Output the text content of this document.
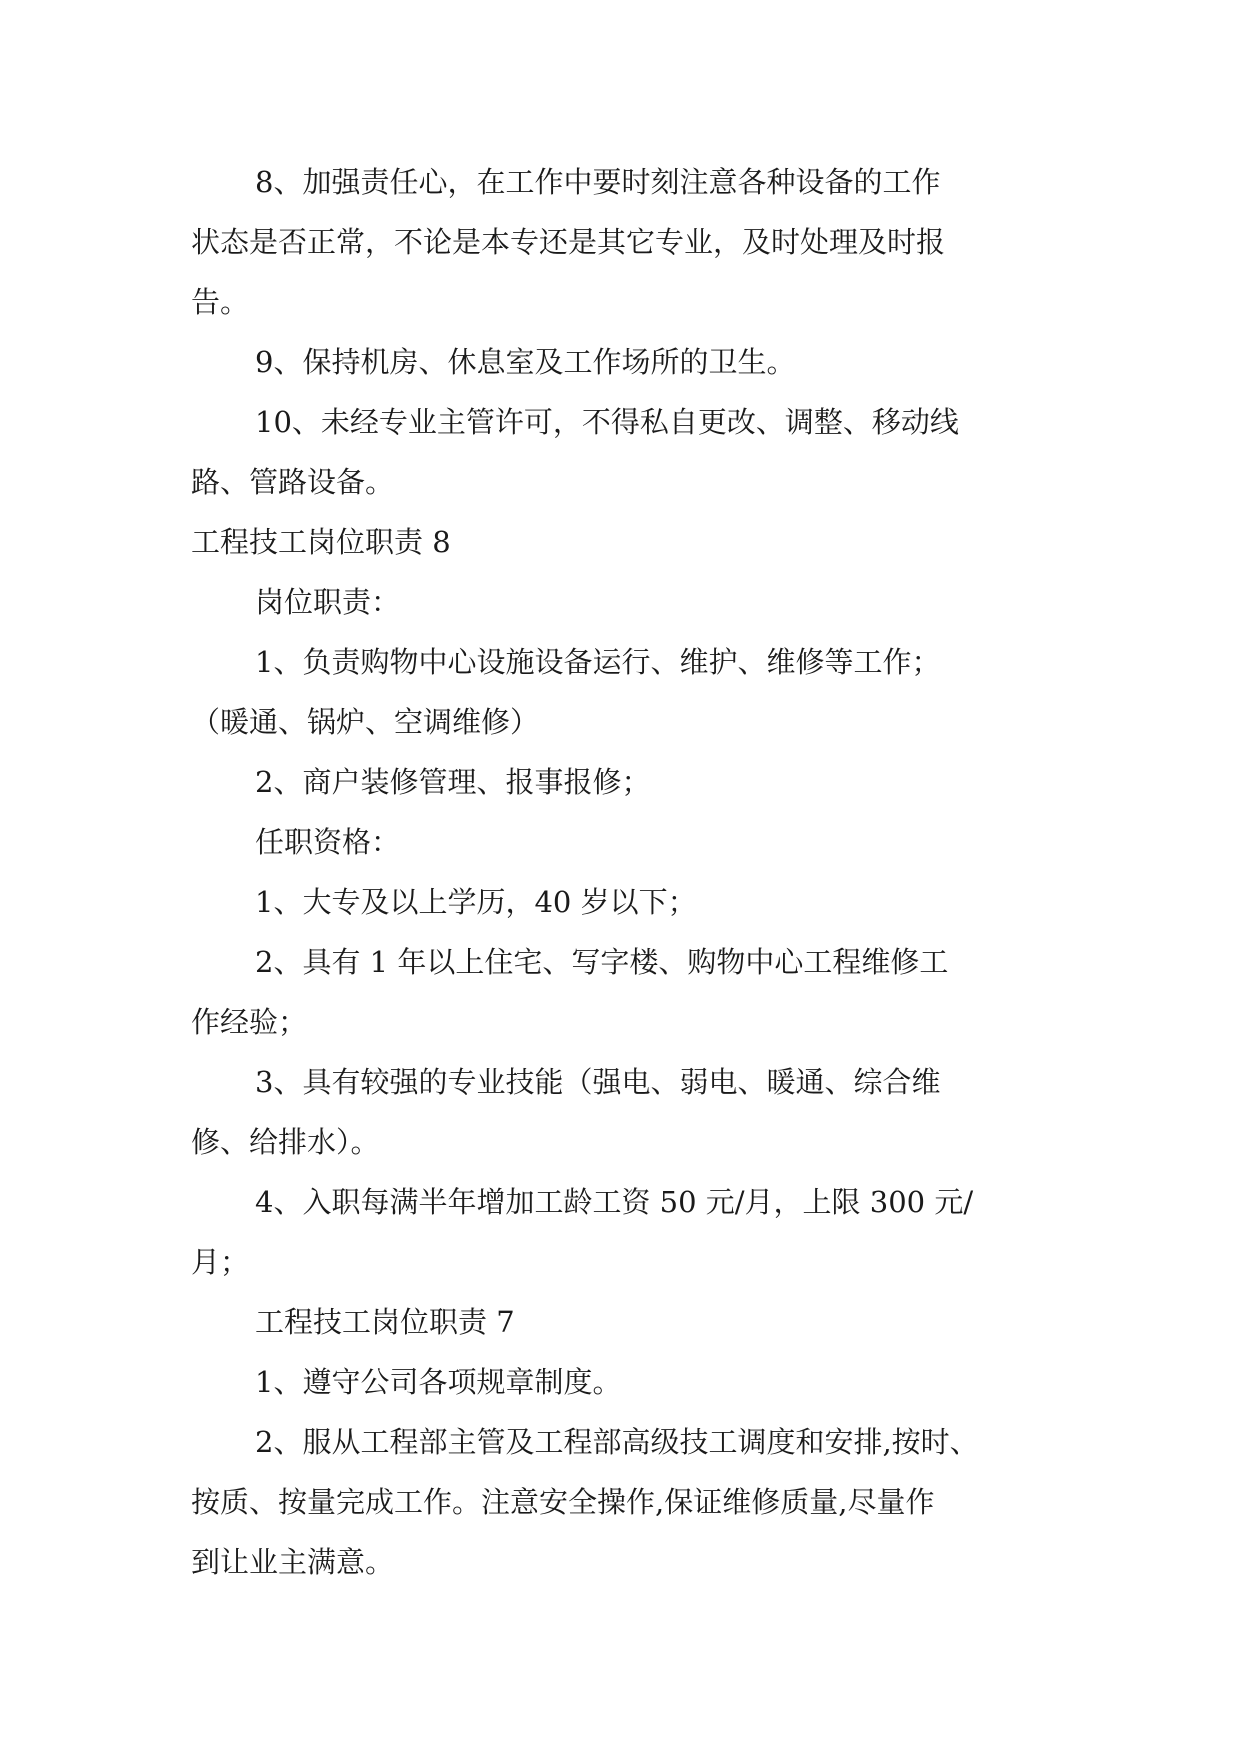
8、加强责任心，在工作中要时刻注意各种设备的工作
状态是否正常，不论是本专还是其它专业，及时处理及时报
告。
9、保持机房、休息室及工作场所的卫生。
10、未经专业主管许可，不得私自更改、调整、移动线
路、管路设备。
工程技工岗位职责 8
岗位职责：
1、负责购物中心设施设备运行、维护、维修等工作；
（暖通、锅炉、空调维修）
2、商户装修管理、报事报修；
任职资格：
1、大专及以上学历，40 岁以下；
2、具有 1 年以上住宅、写字楼、购物中心工程维修工
作经验；
3、具有较强的专业技能（强电、弱电、暖通、综合维
修、给排水）。
4、入职每满半年增加工龄工资 50 元/月，上限 300 元/
月；
工程技工岗位职责 7
1、遵守公司各项规章制度。
2、服从工程部主管及工程部高级技工调度和安排,按时、
按质、按量完成工作。注意安全操作,保证维修质量,尽量作
到让业主满意。
